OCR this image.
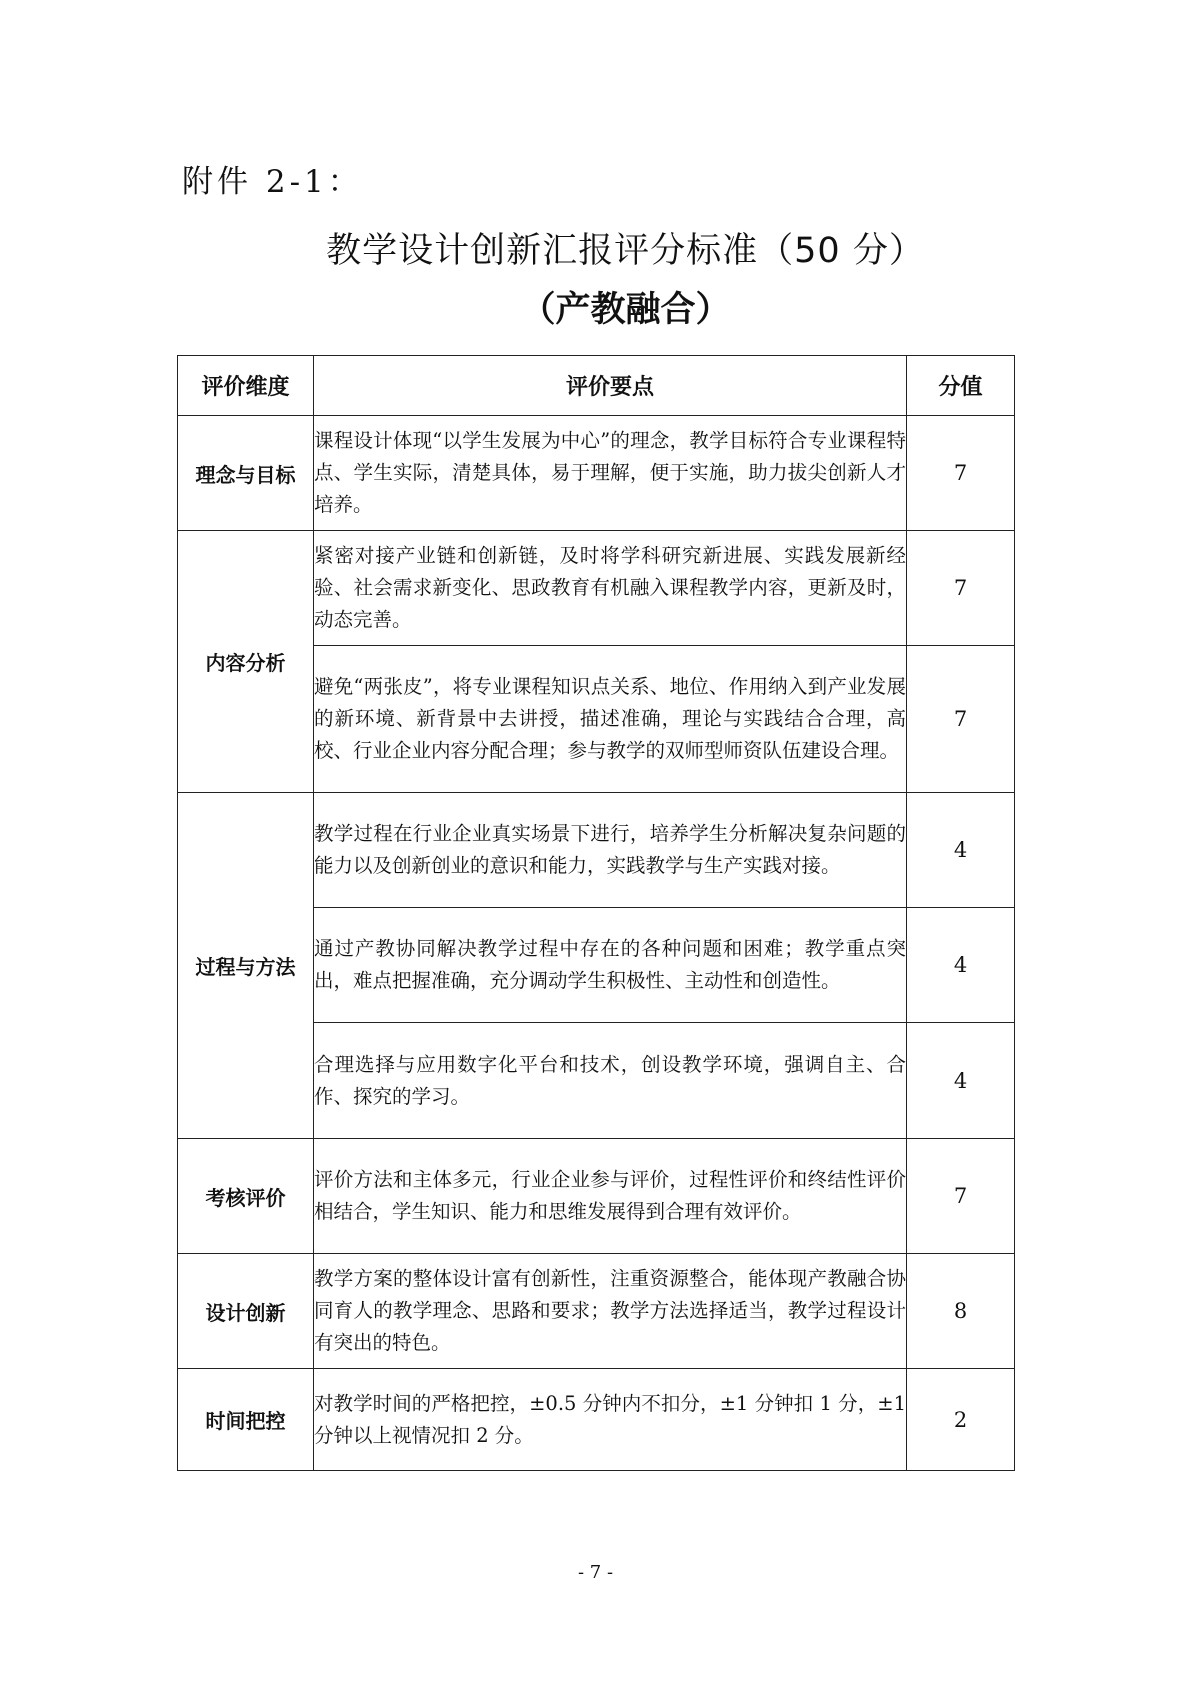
附件 2-1：
教学设计创新汇报评分标准（50 分）
（产教融合）
评价维度	评价要点	分值
理念与目标	课程设计体现“以学生发展为中心”的理念，教学目标符合专业课程特点、学生实际，清楚具体，易于理解，便于实施，助力拔尖创新人才培养。	7
内容分析	紧密对接产业链和创新链，及时将学科研究新进展、实践发展新经验、社会需求新变化、思政教育有机融入课程教学内容，更新及时，动态完善。	7
	避免“两张皮”，将专业课程知识点关系、地位、作用纳入到产业发展的新环境、新背景中去讲授，描述准确，理论与实践结合合理，高校、行业企业内容分配合理；参与教学的双师型师资队伍建设合理。	7
过程与方法	教学过程在行业企业真实场景下进行，培养学生分析解决复杂问题的能力以及创新创业的意识和能力，实践教学与生产实践对接。	4
	通过产教协同解决教学过程中存在的各种问题和困难；教学重点突出，难点把握准确，充分调动学生积极性、主动性和创造性。	4
	合理选择与应用数字化平台和技术，创设教学环境，强调自主、合作、探究的学习。	4
考核评价	评价方法和主体多元，行业企业参与评价，过程性评价和终结性评价相结合，学生知识、能力和思维发展得到合理有效评价。	7
设计创新	教学方案的整体设计富有创新性，注重资源整合，能体现产教融合协同育人的教学理念、思路和要求；教学方法选择适当，教学过程设计有突出的特色。	8
时间把控	对教学时间的严格把控，±0.5 分钟内不扣分，±1 分钟扣 1 分，±1 分钟以上视情况扣 2 分。	2
- 7 -
